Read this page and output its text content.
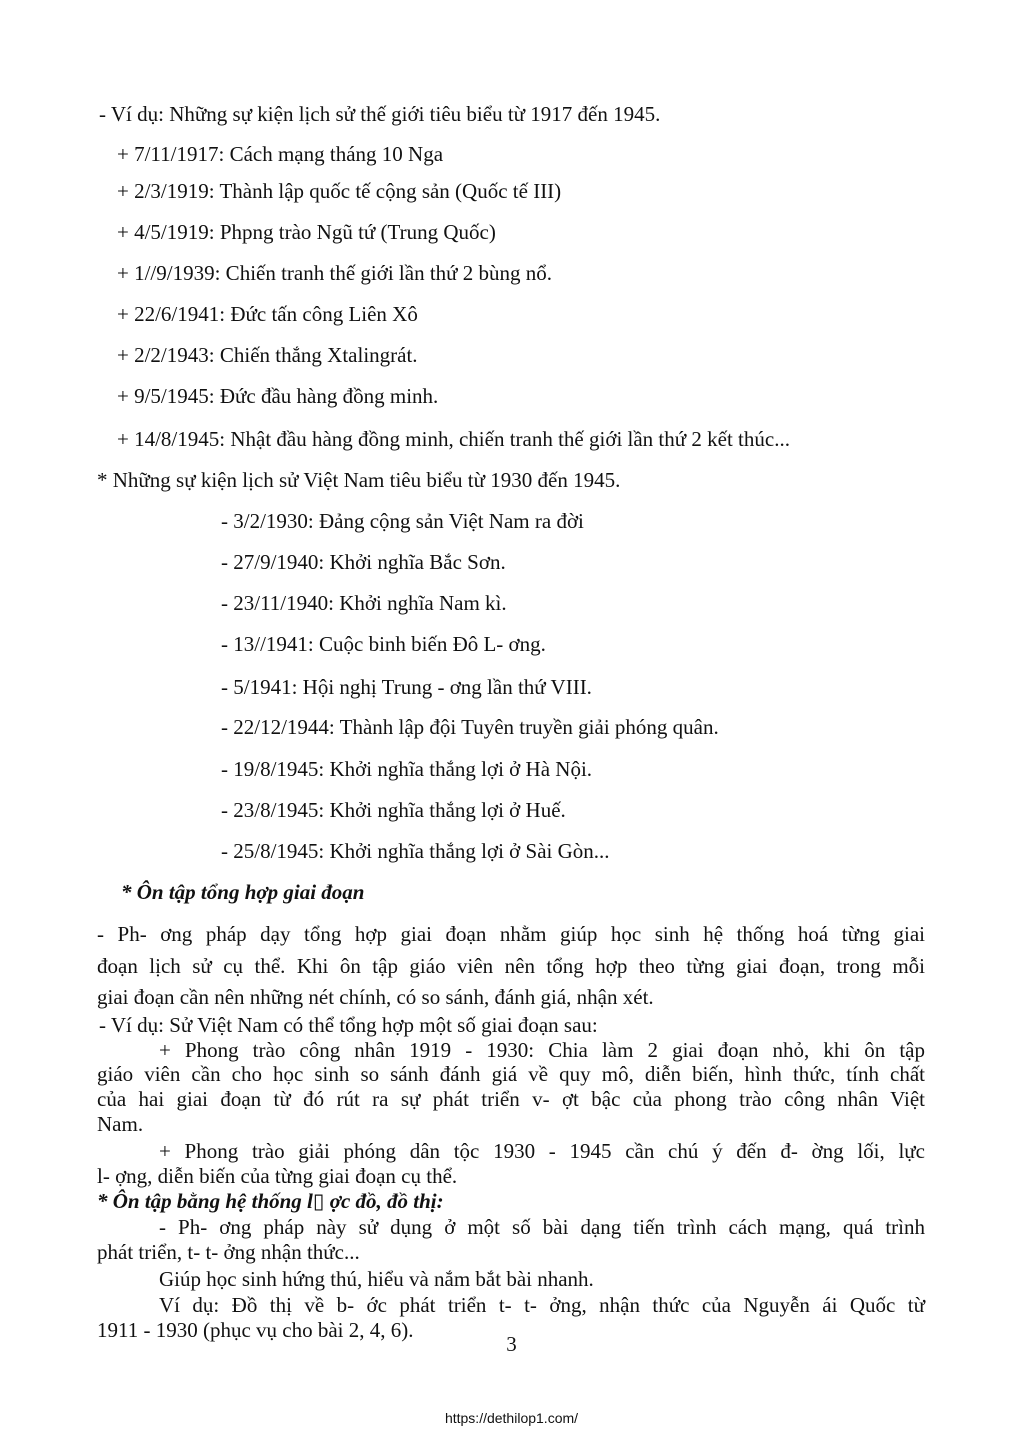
- Ví dụ: Những sự kiện lịch sử thế giới tiêu biểu từ 1917 đến 1945.
+ 7/11/1917: Cách mạng tháng 10 Nga
+ 2/3/1919: Thành lập quốc tế cộng sản (Quốc tế III)
+ 4/5/1919: Phpng trào Ngũ tứ (Trung Quốc)
+ 1//9/1939: Chiến tranh thế giới lần thứ 2 bùng nổ.
+ 22/6/1941: Đức tấn công Liên Xô
+ 2/2/1943: Chiến thắng Xtalingrát.
+ 9/5/1945: Đức đầu hàng đồng minh.
+ 14/8/1945: Nhật đầu hàng đồng minh, chiến tranh thế giới lần thứ 2 kết thúc...
* Những sự kiện lịch sử Việt Nam tiêu biểu từ 1930 đến 1945.
- 3/2/1930: Đảng cộng sản Việt Nam ra đời
- 27/9/1940: Khởi nghĩa Bắc Sơn.
- 23/11/1940: Khởi nghĩa Nam kì.
- 13//1941: Cuộc binh biến Đô L- ơng.
- 5/1941: Hội nghị Trung - ơng lần thứ VIII.
- 22/12/1944: Thành lập đội Tuyên truyền giải phóng quân.
- 19/8/1945: Khởi nghĩa thắng lợi ở Hà Nội.
- 23/8/1945: Khởi nghĩa thắng lợi ở Huế.
- 25/8/1945: Khởi nghĩa thắng lợi ở Sài Gòn...
* Ôn tập tổng hợp giai đoạn
- Ph- ơng pháp dạy tổng hợp giai đoạn nhằm giúp học sinh hệ thống hoá từng giai
đoạn lịch sử cụ thể. Khi ôn tập giáo viên nên tổng hợp theo từng giai đoạn, trong mỗi
giai đoạn cần nên những nét chính, có so sánh, đánh giá, nhận xét.
- Ví dụ: Sử Việt Nam có thể tổng hợp một số giai đoạn sau:
+ Phong trào công nhân 1919 - 1930: Chia làm 2 giai đoạn nhỏ, khi ôn tập
giáo viên cần cho học sinh so sánh đánh giá về quy mô, diễn biến, hình thức, tính chất
của hai giai đoạn từ đó rút ra sự phát triển v- ợt bậc của phong trào công nhân Việt
Nam.
+ Phong trào giải phóng dân tộc 1930 - 1945 cần chú ý đến đ- ờng lối, lực
l- ợng, diễn biến của từng giai đoạn cụ thể.
* Ôn tập bằng hệ thống l▯ ợc đồ, đồ thị:
- Ph- ơng pháp này sử dụng ở một số bài dạng tiến trình cách mạng, quá trình
phát triển, t- t- ởng nhận thức...
Giúp học sinh hứng thú, hiểu và nắm bắt bài nhanh.
Ví dụ: Đồ thị về b- ớc phát triển t- t- ởng, nhận thức của Nguyễn ái Quốc từ
1911 - 1930 (phục vụ cho bài 2, 4, 6).
3
https://dethilop1.com/
